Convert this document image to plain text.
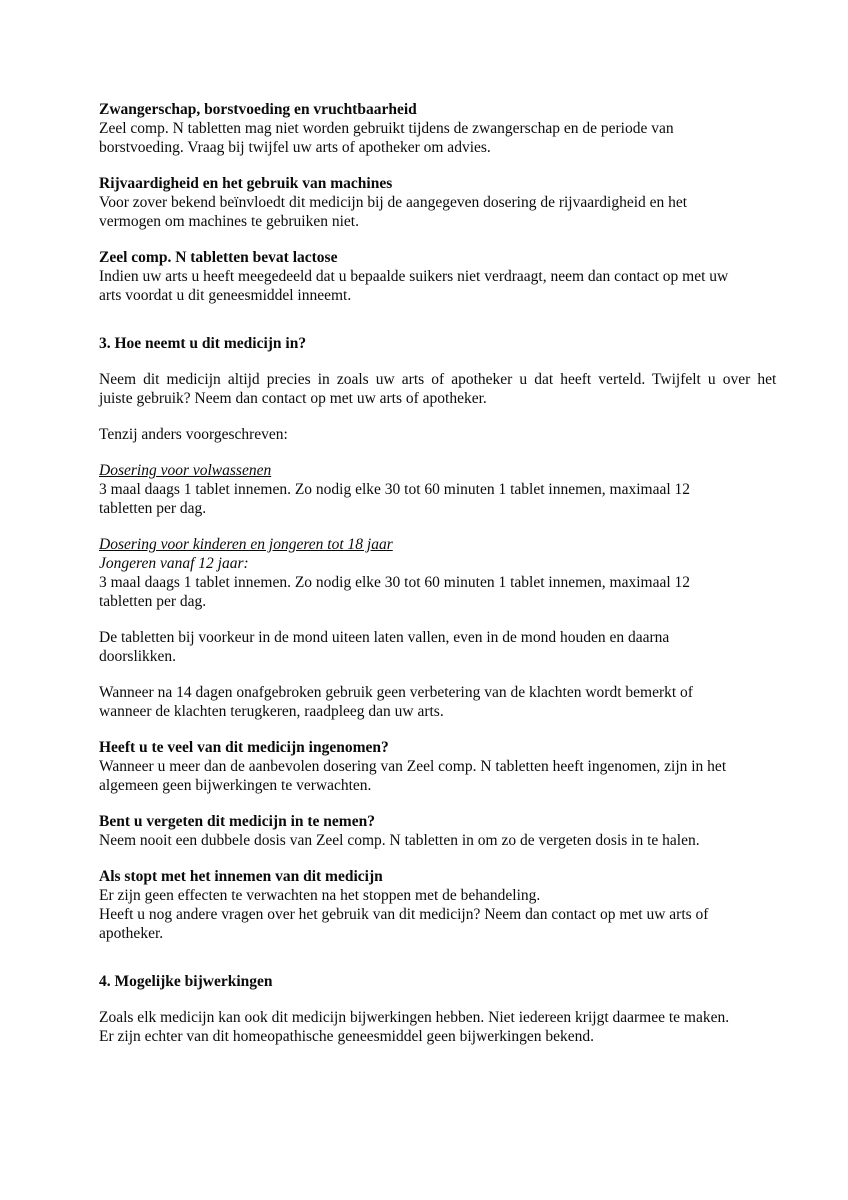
Zwangerschap, borstvoeding en vruchtbaarheid
Zeel comp. N tabletten mag niet worden gebruikt tijdens de zwangerschap en de periode van
borstvoeding. Vraag bij twijfel uw arts of apotheker om advies.
Rijvaardigheid en het gebruik van machines
Voor zover bekend beïnvloedt dit medicijn bij de aangegeven dosering de rijvaardigheid en het
vermogen om machines te gebruiken niet.
Zeel comp. N tabletten bevat lactose
Indien uw arts u heeft meegedeeld dat u bepaalde suikers niet verdraagt, neem dan contact op met uw
arts voordat u dit geneesmiddel inneemt.
3. Hoe neemt u dit medicijn in?
Neem dit medicijn altijd precies in zoals uw arts of apotheker u dat heeft verteld. Twijfelt u over het
juiste gebruik? Neem dan contact op met uw arts of apotheker.
Tenzij anders voorgeschreven:
Dosering voor volwassenen
3 maal daags 1 tablet innemen. Zo nodig elke 30 tot 60 minuten 1 tablet innemen, maximaal 12
tabletten per dag.
Dosering voor kinderen en jongeren tot 18 jaar
Jongeren vanaf 12 jaar:
3 maal daags 1 tablet innemen. Zo nodig elke 30 tot 60 minuten 1 tablet innemen, maximaal 12
tabletten per dag.
De tabletten bij voorkeur in de mond uiteen laten vallen, even in de mond houden en daarna
doorslikken.
Wanneer na 14 dagen onafgebroken gebruik geen verbetering van de klachten wordt bemerkt of
wanneer de klachten terugkeren, raadpleeg dan uw arts.
Heeft u te veel van dit medicijn ingenomen?
Wanneer u meer dan de aanbevolen dosering van Zeel comp. N tabletten heeft ingenomen, zijn in het
algemeen geen bijwerkingen te verwachten.
Bent u vergeten dit medicijn in te nemen?
Neem nooit een dubbele dosis van Zeel comp. N tabletten in om zo de vergeten dosis in te halen.
Als stopt met het innemen van dit medicijn
Er zijn geen effecten te verwachten na het stoppen met de behandeling.
Heeft u nog andere vragen over het gebruik van dit medicijn? Neem dan contact op met uw arts of
apotheker.
4. Mogelijke bijwerkingen
Zoals elk medicijn kan ook dit medicijn bijwerkingen hebben. Niet iedereen krijgt daarmee te maken.
Er zijn echter van dit homeopathische geneesmiddel geen bijwerkingen bekend.
